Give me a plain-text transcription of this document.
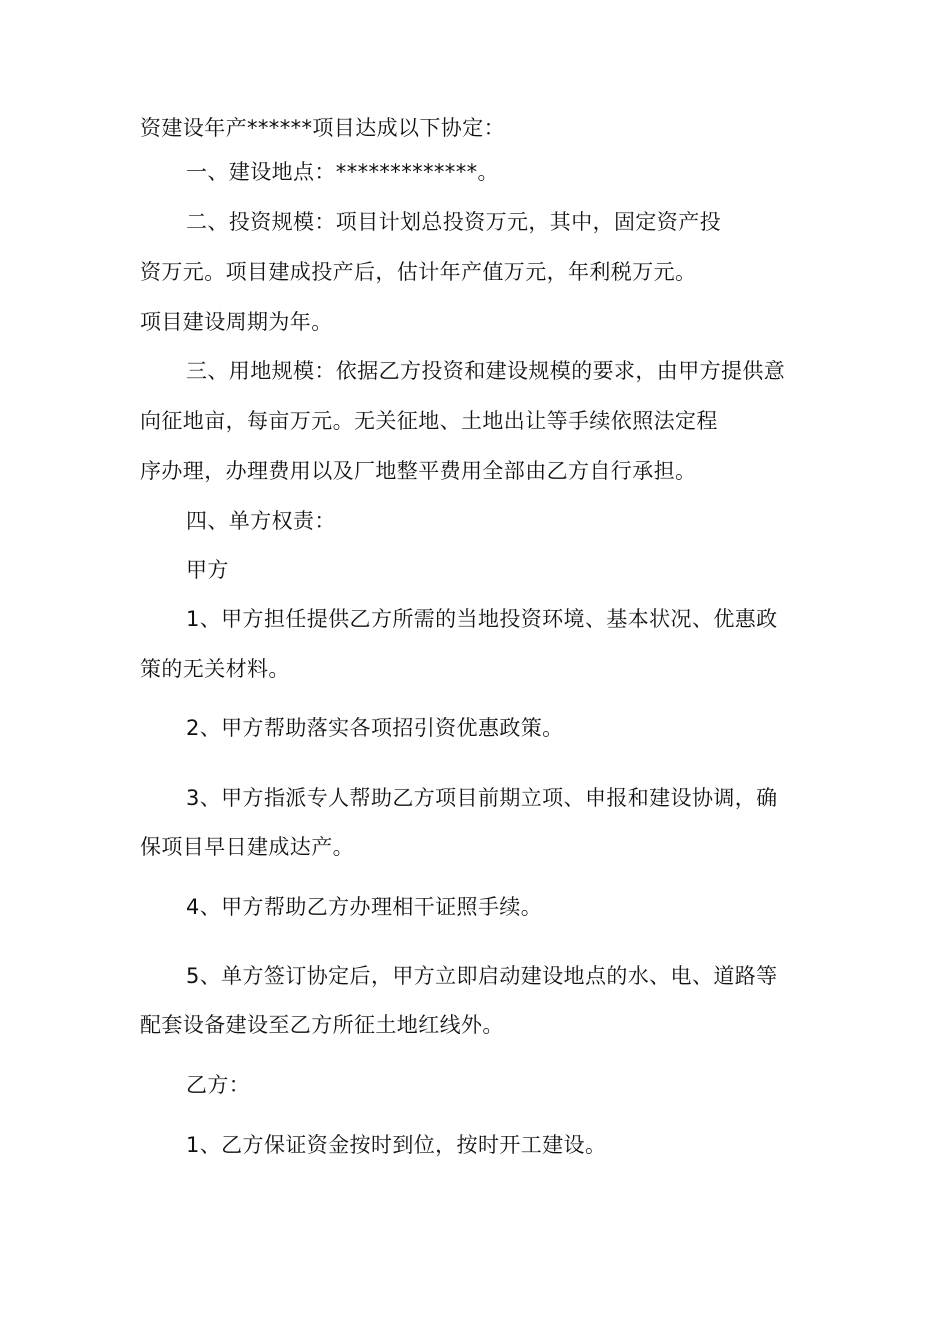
资建设年产******项目达成以下协定：
一、建设地点：*************。
二、投资规模：项目计划总投资万元，其中，固定资产投
资万元。项目建成投产后，估计年产值万元，年利税万元。
项目建设周期为年。
三、用地规模：依据乙方投资和建设规模的要求，由甲方提供意
向征地亩，每亩万元。无关征地、土地出让等手续依照法定程
序办理，办理费用以及厂地整平费用全部由乙方自行承担。
四、单方权责：
甲方
1、甲方担任提供乙方所需的当地投资环境、基本状况、优惠政
策的无关材料。
2、甲方帮助落实各项招引资优惠政策。
3、甲方指派专人帮助乙方项目前期立项、申报和建设协调，确
保项目早日建成达产。
4、甲方帮助乙方办理相干证照手续。
5、单方签订协定后，甲方立即启动建设地点的水、电、道路等
配套设备建设至乙方所征土地红线外。
乙方：
1、乙方保证资金按时到位，按时开工建设。
